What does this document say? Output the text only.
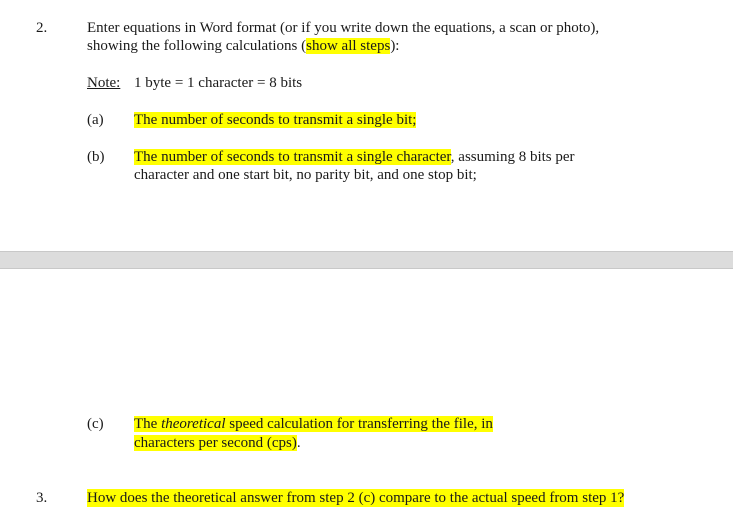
2.	Enter equations in Word format (or if you write down the equations, a scan or photo),
showing the following calculations (show all steps):
Note: 1 byte = 1 character = 8 bits
(a) The number of seconds to transmit a single bit;
(b) The number of seconds to transmit a single character, assuming 8 bits per
character and one start bit, no parity bit, and one stop bit;
(c) The theoretical speed calculation for transferring the file, in
characters per second (cps).
3.	How does the theoretical answer from step 2 (c) compare to the actual speed from step 1?
